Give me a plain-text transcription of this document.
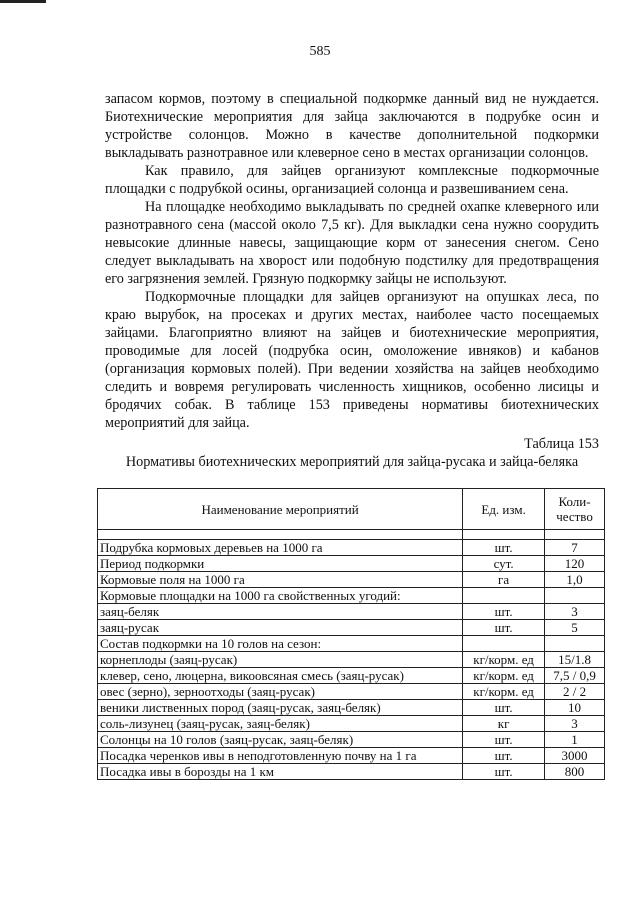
585

запасом кормов, поэтому в специальной подкормке данный вид не нуждается. Биотехнические мероприятия для зайца заключаются в подрубке осин и устройстве солонцов. Можно в качестве дополнительной подкормки выкладывать разнотравное или клеверное сено в местах организации солонцов.

Как правило, для зайцев организуют комплексные подкормочные площадки с подрубкой осины, организацией солонца и развешиванием сена.

На площадке необходимо выкладывать по средней охапке клеверного или разнотравного сена (массой около 7,5 кг). Для выкладки сена нужно соорудить невысокие длинные навесы, защищающие корм от занесения снегом. Сено следует выкладывать на хворост или подобную подстилку для предотвращения его загрязнения землей. Грязную подкормку зайцы не используют.

Подкормочные площадки для зайцев организуют на опушках леса, по краю вырубок, на просеках и других местах, наиболее часто посещаемых зайцами. Благоприятно влияют на зайцев и биотехнические мероприятия, проводимые для лосей (подрубка осин, омоложение ивняков) и кабанов (организация кормовых полей). При ведении хозяйства на зайцев необходимо следить и вовремя регулировать численность хищников, особенно лисицы и бродячих собак. В таблице 153 приведены нормативы биотехнических мероприятий для зайца.

Таблица 153
Нормативы биотехнических мероприятий для зайца-русака и зайца-беляка
Наименование мероприятий	Ед. изм.	Коли-
чество

Подрубка кормовых деревьев на 1000 га	шт.	7
Период подкормки	сут.	120
Кормовые поля на 1000 га	га	1,0
Кормовые площадки на 1000 га свойственных угодий:		
заяц-беляк	шт.	3
заяц-русак	шт.	5
Состав подкормки на 10 голов на сезон:		
корнеплоды (заяц-русак)	кг/корм. ед	15/1.8
клевер, сено, люцерна, викоовсяная смесь (заяц-русак)	кг/корм. ед	7,5 / 0,9
овес (зерно), зерноотходы (заяц-русак)	кг/корм. ед	2 / 2
веники лиственных пород (заяц-русак, заяц-беляк)	шт.	10
соль-лизунец (заяц-русак, заяц-беляк)	кг	3
Солонцы на 10 голов (заяц-русак, заяц-беляк)	шт.	1
Посадка черенков ивы в неподготовленную почву на 1 га	шт.	3000
Посадка ивы в борозды на 1 км	шт.	800
